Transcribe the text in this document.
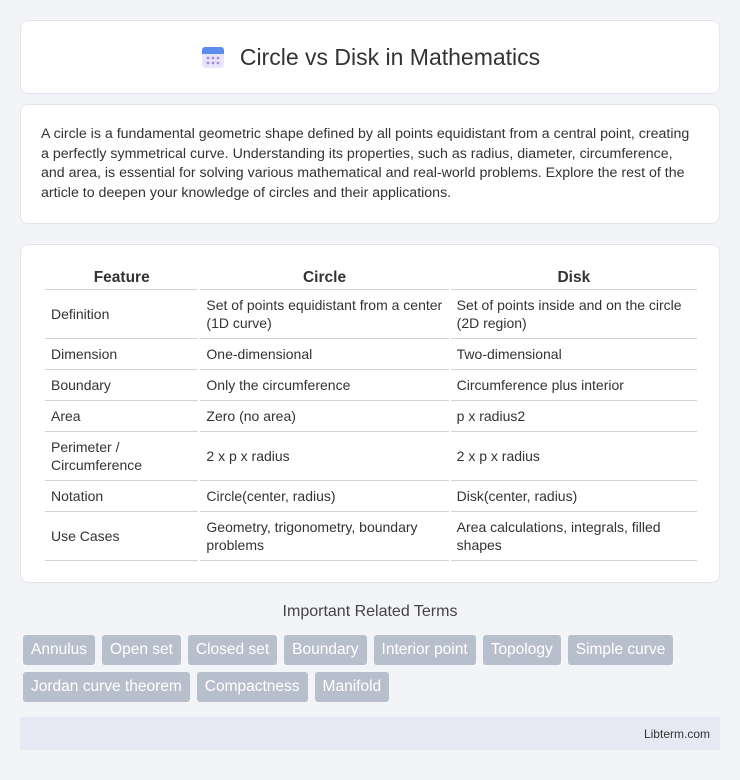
Circle vs Disk in Mathematics

A circle is a fundamental geometric shape defined by all points equidistant from a central point, creating a perfectly symmetrical curve. Understanding its properties, such as radius, diameter, circumference, and area, is essential for solving various mathematical and real-world problems. Explore the rest of the article to deepen your knowledge of circles and their applications.

Feature	Circle	Disk
Definition	Set of points equidistant from a center (1D curve)	Set of points inside and on the circle (2D region)
Dimension	One-dimensional	Two-dimensional
Boundary	Only the circumference	Circumference plus interior
Area	Zero (no area)	p x radius2
Perimeter / Circumference	2 x p x radius	2 x p x radius
Notation	Circle(center, radius)	Disk(center, radius)
Use Cases	Geometry, trigonometry, boundary problems	Area calculations, integrals, filled shapes
Important Related Terms
Annulus	Open set	Closed set	Boundary	Interior point	Topology	Simple curve
Jordan curve theorem	Compactness	Manifold
Libterm.com
